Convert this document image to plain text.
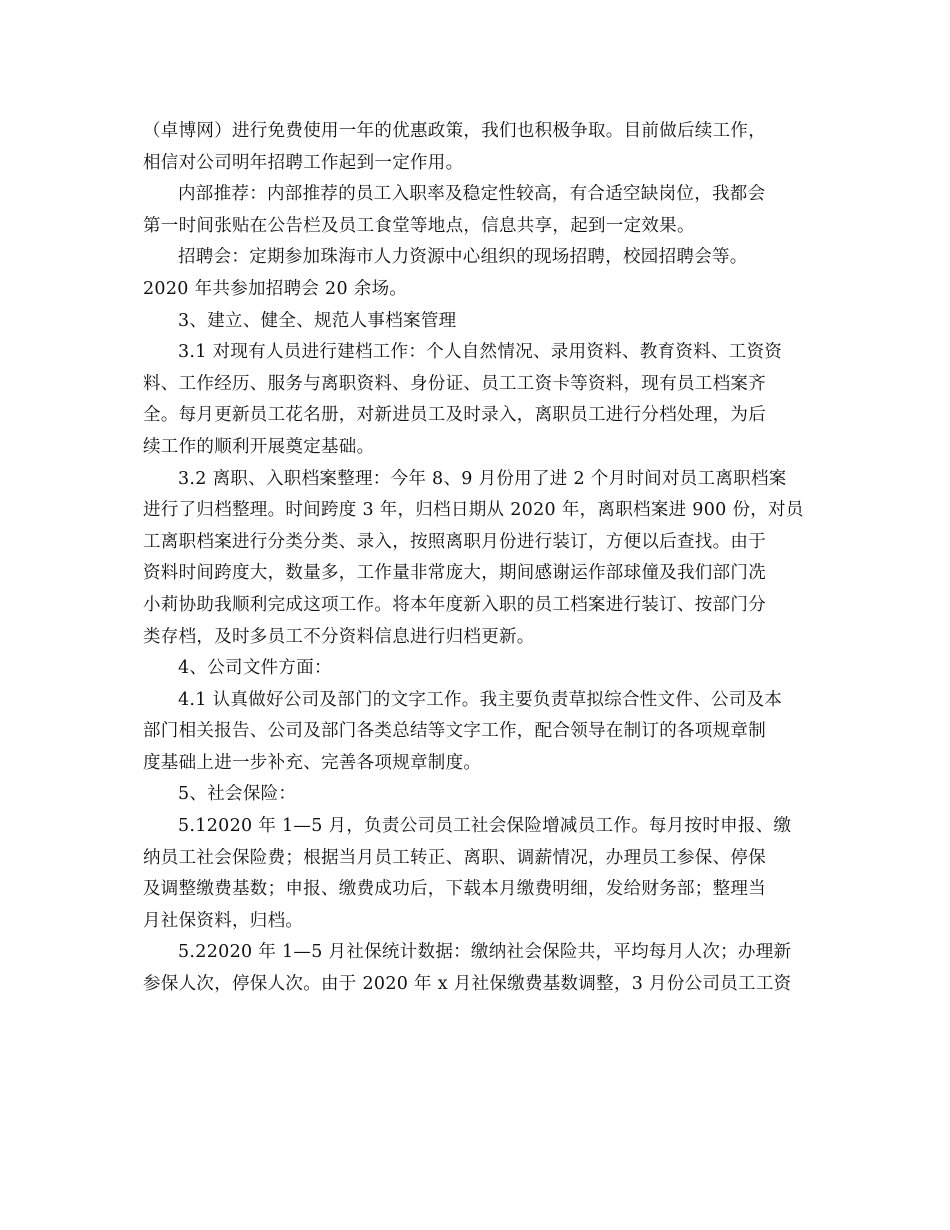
（卓博网）进行免费使用一年的优惠政策，我们也积极争取。目前做后续工作，
相信对公司明年招聘工作起到一定作用。
内部推荐：内部推荐的员工入职率及稳定性较高，有合适空缺岗位，我都会
第一时间张贴在公告栏及员工食堂等地点，信息共享，起到一定效果。
招聘会：定期参加珠海市人力资源中心组织的现场招聘，校园招聘会等。
2020 年共参加招聘会 20 余场。
3、建立、健全、规范人事档案管理
3.1 对现有人员进行建档工作：个人自然情况、录用资料、教育资料、工资资
料、工作经历、服务与离职资料、身份证、员工工资卡等资料，现有员工档案齐
全。每月更新员工花名册，对新进员工及时录入，离职员工进行分档处理，为后
续工作的顺利开展奠定基础。
3.2 离职、入职档案整理：今年 8、9 月份用了进 2 个月时间对员工离职档案
进行了归档整理。时间跨度 3 年，归档日期从 2020 年，离职档案进 900 份，对员
工离职档案进行分类分类、录入，按照离职月份进行装订，方便以后查找。由于
资料时间跨度大，数量多，工作量非常庞大，期间感谢运作部球僮及我们部门冼
小莉协助我顺利完成这项工作。将本年度新入职的员工档案进行装订、按部门分
类存档，及时多员工不分资料信息进行归档更新。
4、公司文件方面：
4.1 认真做好公司及部门的文字工作。我主要负责草拟综合性文件、公司及本
部门相关报告、公司及部门各类总结等文字工作，配合领导在制订的各项规章制
度基础上进一步补充、完善各项规章制度。
5、社会保险：
5.12020 年 1—5 月，负责公司员工社会保险增减员工作。每月按时申报、缴
纳员工社会保险费；根据当月员工转正、离职、调薪情况，办理员工参保、停保
及调整缴费基数；申报、缴费成功后，下载本月缴费明细，发给财务部；整理当
月社保资料，归档。
5.22020 年 1—5 月社保统计数据：缴纳社会保险共，平均每月人次；办理新
参保人次，停保人次。由于 2020 年 x 月社保缴费基数调整，3 月份公司员工工资
